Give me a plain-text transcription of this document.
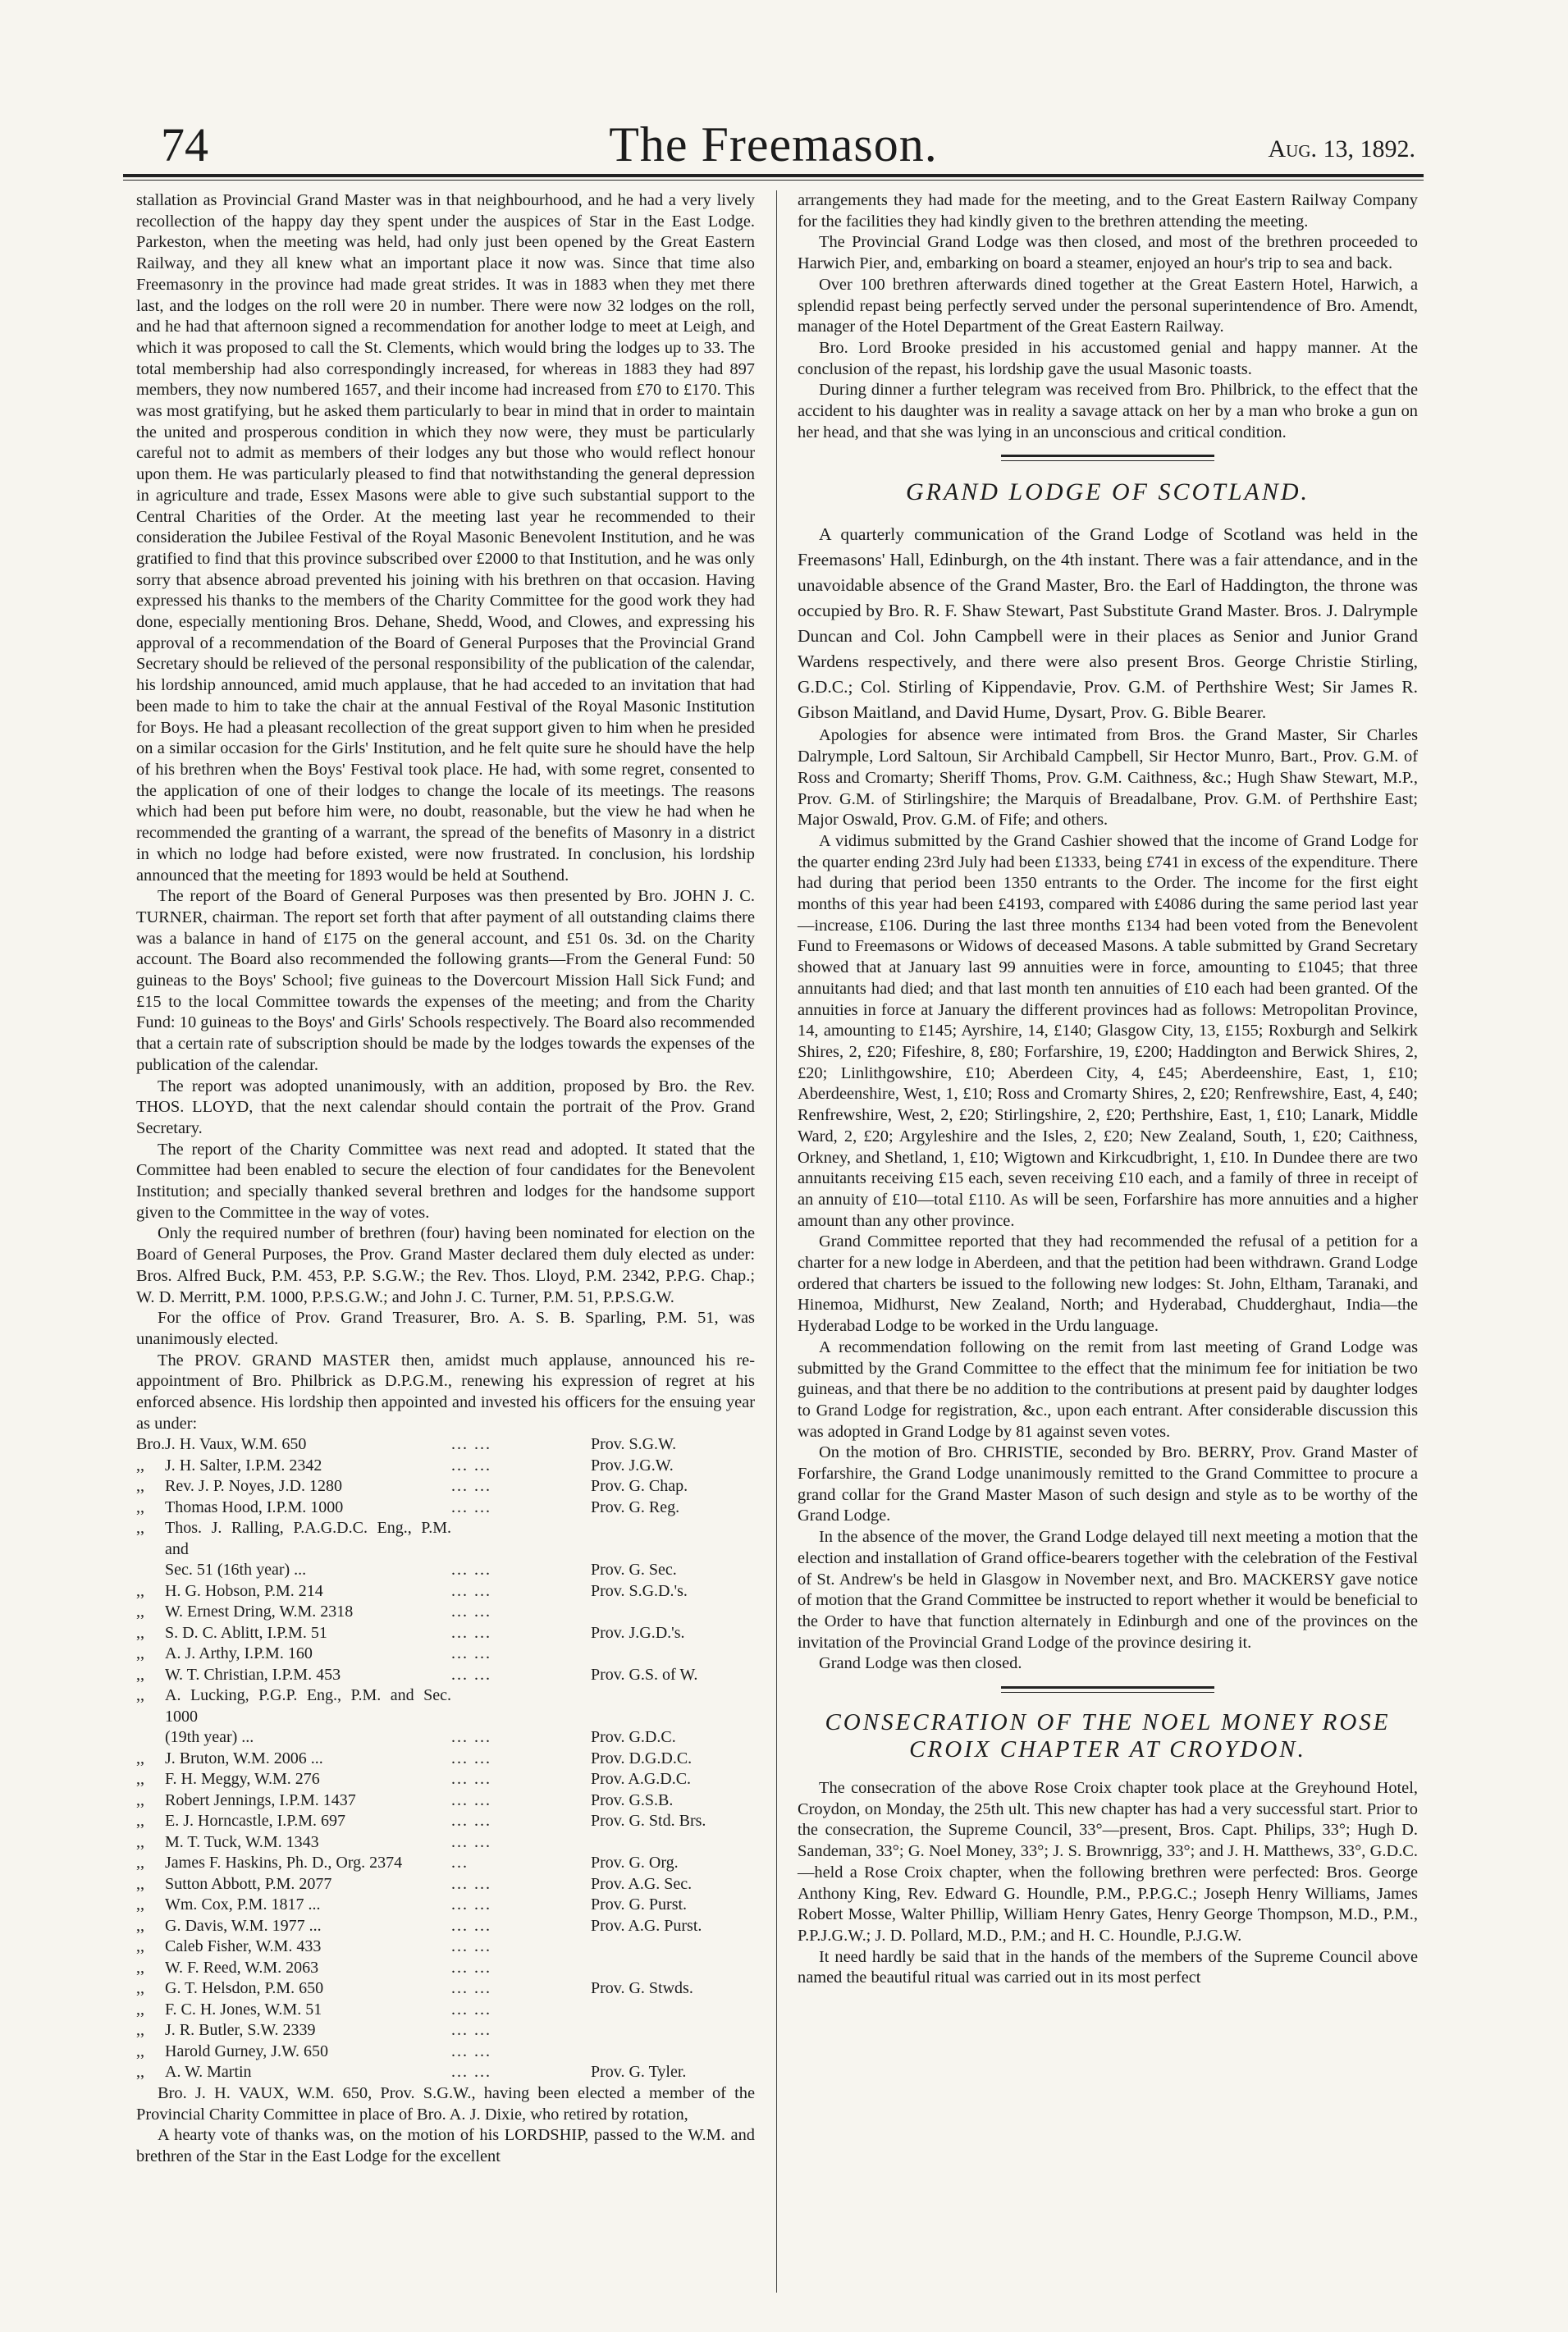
74	The Freemason.	Aug. 13, 1892.

stallation as Provincial Grand Master was in that neighbourhood, and he had a very lively recollection of the happy day they spent under the auspices of Star in the East Lodge. Parkeston, when the meeting was held, had only just been opened by the Great Eastern Railway, and they all knew what an important place it now was. Since that time also Freemasonry in the province had made great strides. It was in 1883 when they met there last, and the lodges on the roll were 20 in number. There were now 32 lodges on the roll, and he had that afternoon signed a recommendation for another lodge to meet at Leigh, and which it was proposed to call the St. Clements, which would bring the lodges up to 33. The total membership had also correspondingly increased, for whereas in 1883 they had 897 members, they now numbered 1657, and their income had increased from £70 to £170. This was most gratifying, but he asked them particularly to bear in mind that in order to maintain the united and prosperous condition in which they now were, they must be particularly careful not to admit as members of their lodges any but those who would reflect honour upon them. He was particularly pleased to find that notwithstanding the general depression in agriculture and trade, Essex Masons were able to give such substantial support to the Central Charities of the Order. At the meeting last year he recommended to their consideration the Jubilee Festival of the Royal Masonic Benevolent Institution, and he was gratified to find that this province subscribed over £2000 to that Institution, and he was only sorry that absence abroad prevented his joining with his brethren on that occasion. Having expressed his thanks to the members of the Charity Committee for the good work they had done, especially mentioning Bros. Dehane, Shedd, Wood, and Clowes, and expressing his approval of a recommendation of the Board of General Purposes that the Provincial Grand Secretary should be relieved of the personal responsibility of the publication of the calendar, his lordship announced, amid much applause, that he had acceded to an invitation that had been made to him to take the chair at the annual Festival of the Royal Masonic Institution for Boys. He had a pleasant recollection of the great support given to him when he presided on a similar occasion for the Girls' Institution, and he felt quite sure he should have the help of his brethren when the Boys' Festival took place. He had, with some regret, consented to the application of one of their lodges to change the locale of its meetings. The reasons which had been put before him were, no doubt, reasonable, but the view he had when he recommended the granting of a warrant, the spread of the benefits of Masonry in a district in which no lodge had before existed, were now frustrated. In conclusion, his lordship announced that the meeting for 1893 would be held at Southend.

The report of the Board of General Purposes was then presented by Bro. JOHN J. C. TURNER, chairman. The report set forth that after payment of all outstanding claims there was a balance in hand of £175 on the general account, and £51 0s. 3d. on the Charity account. The Board also recommended the following grants—From the General Fund: 50 guineas to the Boys' School; five guineas to the Dovercourt Mission Hall Sick Fund; and £15 to the local Committee towards the expenses of the meeting; and from the Charity Fund: 10 guineas to the Boys' and Girls' Schools respectively. The Board also recommended that a certain rate of subscription should be made by the lodges towards the expenses of the publication of the calendar.

The report was adopted unanimously, with an addition, proposed by Bro. the Rev. THOS. LLOYD, that the next calendar should contain the portrait of the Prov. Grand Secretary.

The report of the Charity Committee was next read and adopted. It stated that the Committee had been enabled to secure the election of four candidates for the Benevolent Institution; and specially thanked several brethren and lodges for the handsome support given to the Committee in the way of votes.

Only the required number of brethren (four) having been nominated for election on the Board of General Purposes, the Prov. Grand Master declared them duly elected as under: Bros. Alfred Buck, P.M. 453, P.P. S.G.W.; the Rev. Thos. Lloyd, P.M. 2342, P.P.G. Chap.; W. D. Merritt, P.M. 1000, P.P.S.G.W.; and John J. C. Turner, P.M. 51, P.P.S.G.W.

For the office of Prov. Grand Treasurer, Bro. A. S. B. Sparling, P.M. 51, was unanimously elected.

The PROV. GRAND MASTER then, amidst much applause, announced his re-appointment of Bro. Philbrick as D.P.G.M., renewing his expression of regret at his enforced absence. His lordship then appointed and invested his officers for the ensuing year as under:

Bro.	J. H. Vaux, W.M. 650	... ...	Prov. S.G.W.
,,	J. H. Salter, I.P.M. 2342	... ...	Prov. J.G.W.
,,	Rev. J. P. Noyes, J.D. 1280	... ...	Prov. G. Chap.
,,	Thomas Hood, I.P.M. 1000	... ...	Prov. G. Reg.
,,	Thos. J. Ralling, P.A.G.D.C. Eng., P.M. and		
	Sec. 51 (16th year) ...	... ...	Prov. G. Sec.
,,	H. G. Hobson, P.M. 214	... ...	Prov. S.G.D.'s.
,,	W. Ernest Dring, W.M. 2318	... ...	
,,	S. D. C. Ablitt, I.P.M. 51	... ...	Prov. J.G.D.'s.
,,	A. J. Arthy, I.P.M. 160	... ...	
,,	W. T. Christian, I.P.M. 453	... ...	Prov. G.S. of W.
,,	A. Lucking, P.G.P. Eng., P.M. and Sec. 1000		
	(19th year) ...	... ...	Prov. G.D.C.
,,	J. Bruton, W.M. 2006 ...	... ...	Prov. D.G.D.C.
,,	F. H. Meggy, W.M. 276	... ...	Prov. A.G.D.C.
,,	Robert Jennings, I.P.M. 1437	... ...	Prov. G.S.B.
,,	E. J. Horncastle, I.P.M. 697	... ...	Prov. G. Std. Brs.
,,	M. T. Tuck, W.M. 1343	... ...	
,,	James F. Haskins, Ph. D., Org. 2374	...	Prov. G. Org.
,,	Sutton Abbott, P.M. 2077	... ...	Prov. A.G. Sec.
,,	Wm. Cox, P.M. 1817 ...	... ...	Prov. G. Purst.
,,	G. Davis, W.M. 1977 ...	... ...	Prov. A.G. Purst.
,,	Caleb Fisher, W.M. 433	... ...	
,,	W. F. Reed, W.M. 2063	... ...	
,,	G. T. Helsdon, P.M. 650	... ...	Prov. G. Stwds.
,,	F. C. H. Jones, W.M. 51	... ...	
,,	J. R. Butler, S.W. 2339	... ...	
,,	Harold Gurney, J.W. 650	... ...	
,,	A. W. Martin	... ...	Prov. G. Tyler.

Bro. J. H. VAUX, W.M. 650, Prov. S.G.W., having been elected a member of the Provincial Charity Committee in place of Bro. A. J. Dixie, who retired by rotation,

A hearty vote of thanks was, on the motion of his LORDSHIP, passed to the W.M. and brethren of the Star in the East Lodge for the excellent

arrangements they had made for the meeting, and to the Great Eastern Railway Company for the facilities they had kindly given to the brethren attending the meeting.

The Provincial Grand Lodge was then closed, and most of the brethren proceeded to Harwich Pier, and, embarking on board a steamer, enjoyed an hour's trip to sea and back.

Over 100 brethren afterwards dined together at the Great Eastern Hotel, Harwich, a splendid repast being perfectly served under the personal superintendence of Bro. Amendt, manager of the Hotel Department of the Great Eastern Railway.

Bro. Lord Brooke presided in his accustomed genial and happy manner. At the conclusion of the repast, his lordship gave the usual Masonic toasts.

During dinner a further telegram was received from Bro. Philbrick, to the effect that the accident to his daughter was in reality a savage attack on her by a man who broke a gun on her head, and that she was lying in an unconscious and critical condition.

GRAND LODGE OF SCOTLAND.

A quarterly communication of the Grand Lodge of Scotland was held in the Freemasons' Hall, Edinburgh, on the 4th instant. There was a fair attendance, and in the unavoidable absence of the Grand Master, Bro. the Earl of Haddington, the throne was occupied by Bro. R. F. Shaw Stewart, Past Substitute Grand Master. Bros. J. Dalrymple Duncan and Col. John Campbell were in their places as Senior and Junior Grand Wardens respectively, and there were also present Bros. George Christie Stirling, G.D.C.; Col. Stirling of Kippendavie, Prov. G.M. of Perthshire West; Sir James R. Gibson Maitland, and David Hume, Dysart, Prov. G. Bible Bearer.

Apologies for absence were intimated from Bros. the Grand Master, Sir Charles Dalrymple, Lord Saltoun, Sir Archibald Campbell, Sir Hector Munro, Bart., Prov. G.M. of Ross and Cromarty; Sheriff Thoms, Prov. G.M. Caithness, &c.; Hugh Shaw Stewart, M.P., Prov. G.M. of Stirlingshire; the Marquis of Breadalbane, Prov. G.M. of Perthshire East; Major Oswald, Prov. G.M. of Fife; and others.

A vidimus submitted by the Grand Cashier showed that the income of Grand Lodge for the quarter ending 23rd July had been £1333, being £741 in excess of the expenditure. There had during that period been 1350 entrants to the Order. The income for the first eight months of this year had been £4193, compared with £4086 during the same period last year—increase, £106. During the last three months £134 had been voted from the Benevolent Fund to Freemasons or Widows of deceased Masons. A table submitted by Grand Secretary showed that at January last 99 annuities were in force, amounting to £1045; that three annuitants had died; and that last month ten annuities of £10 each had been granted. Of the annuities in force at January the different provinces had as follows: Metropolitan Province, 14, amounting to £145; Ayrshire, 14, £140; Glasgow City, 13, £155; Roxburgh and Selkirk Shires, 2, £20; Fifeshire, 8, £80; Forfarshire, 19, £200; Haddington and Berwick Shires, 2, £20; Linlithgowshire, £10; Aberdeen City, 4, £45; Aberdeenshire, East, 1, £10; Aberdeenshire, West, 1, £10; Ross and Cromarty Shires, 2, £20; Renfrewshire, East, 4, £40; Renfrewshire, West, 2, £20; Stirlingshire, 2, £20; Perthshire, East, 1, £10; Lanark, Middle Ward, 2, £20; Argyleshire and the Isles, 2, £20; New Zealand, South, 1, £20; Caithness, Orkney, and Shetland, 1, £10; Wigtown and Kirkcudbright, 1, £10. In Dundee there are two annuitants receiving £15 each, seven receiving £10 each, and a family of three in receipt of an annuity of £10—total £110. As will be seen, Forfarshire has more annuities and a higher amount than any other province.

Grand Committee reported that they had recommended the refusal of a petition for a charter for a new lodge in Aberdeen, and that the petition had been withdrawn. Grand Lodge ordered that charters be issued to the following new lodges: St. John, Eltham, Taranaki, and Hinemoa, Midhurst, New Zealand, North; and Hyderabad, Chudderghaut, India—the Hyderabad Lodge to be worked in the Urdu language.

A recommendation following on the remit from last meeting of Grand Lodge was submitted by the Grand Committee to the effect that the minimum fee for initiation be two guineas, and that there be no addition to the contributions at present paid by daughter lodges to Grand Lodge for registration, &c., upon each entrant. After considerable discussion this was adopted in Grand Lodge by 81 against seven votes.

On the motion of Bro. CHRISTIE, seconded by Bro. BERRY, Prov. Grand Master of Forfarshire, the Grand Lodge unanimously remitted to the Grand Committee to procure a grand collar for the Grand Master Mason of such design and style as to be worthy of the Grand Lodge.

In the absence of the mover, the Grand Lodge delayed till next meeting a motion that the election and installation of Grand office-bearers together with the celebration of the Festival of St. Andrew's be held in Glasgow in November next, and Bro. MACKERSY gave notice of motion that the Grand Committee be instructed to report whether it would be beneficial to the Order to have that function alternately in Edinburgh and one of the provinces on the invitation of the Provincial Grand Lodge of the province desiring it.

Grand Lodge was then closed.

CONSECRATION OF THE NOEL MONEY ROSE
CROIX CHAPTER AT CROYDON.

The consecration of the above Rose Croix chapter took place at the Greyhound Hotel, Croydon, on Monday, the 25th ult. This new chapter has had a very successful start. Prior to the consecration, the Supreme Council, 33°—present, Bros. Capt. Philips, 33°; Hugh D. Sandeman, 33°; G. Noel Money, 33°; J. S. Brownrigg, 33°; and J. H. Matthews, 33°, G.D.C.—held a Rose Croix chapter, when the following brethren were perfected: Bros. George Anthony King, Rev. Edward G. Houndle, P.M., P.P.G.C.; Joseph Henry Williams, James Robert Mosse, Walter Phillip, William Henry Gates, Henry George Thompson, M.D., P.M., P.P.J.G.W.; J. D. Pollard, M.D., P.M.; and H. C. Houndle, P.J.G.W.

It need hardly be said that in the hands of the members of the Supreme Council above named the beautiful ritual was carried out in its most perfect
